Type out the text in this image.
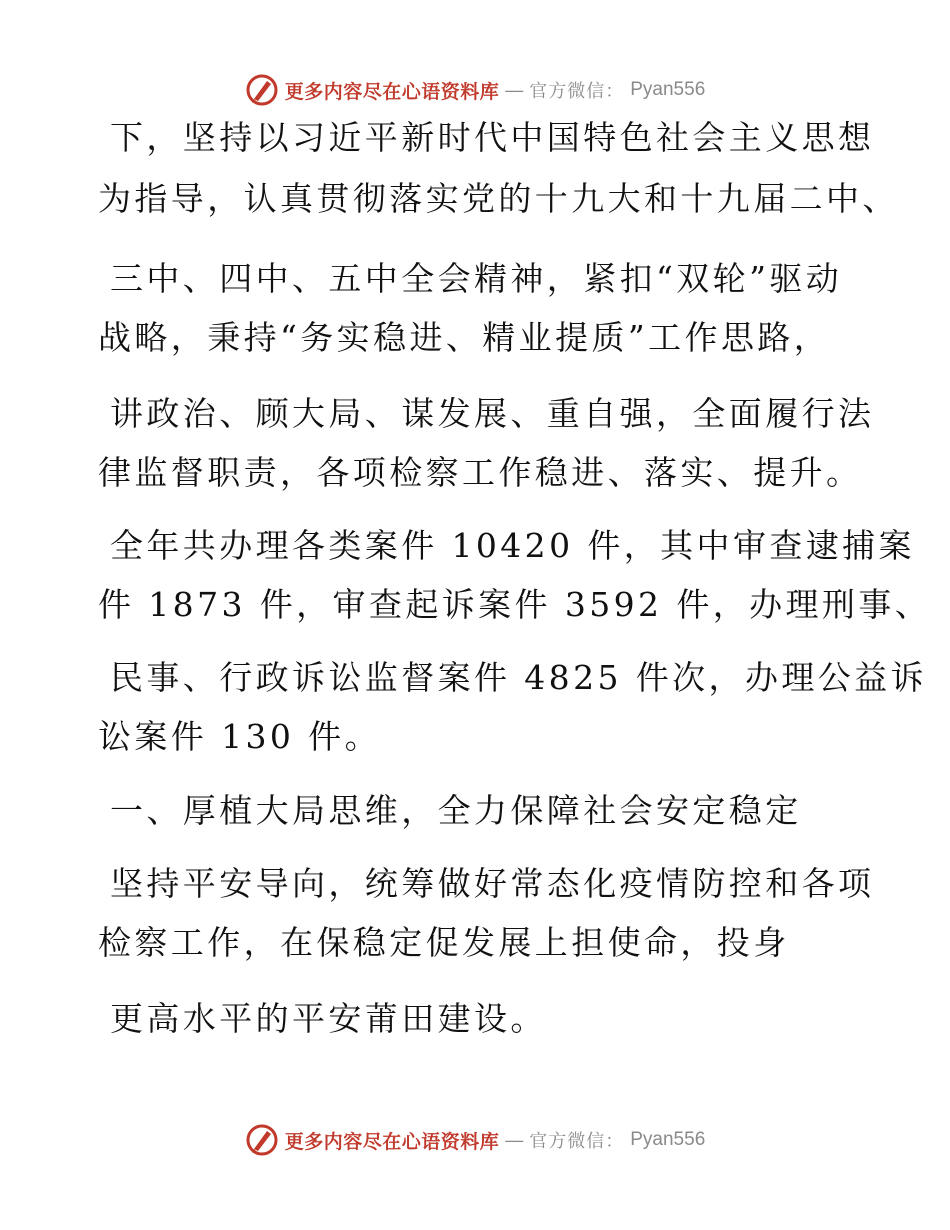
更多内容尽在心语资料库 — 官方微信： Pyan556
下，坚持以习近平新时代中国特色社会主义思想
为指导，认真贯彻落实党的十九大和十九届二中、
三中、四中、五中全会精神，紧扣“双轮”驱动
战略，秉持“务实稳进、精业提质”工作思路，
讲政治、顾大局、谋发展、重自强，全面履行法
律监督职责，各项检察工作稳进、落实、提升。
全年共办理各类案件 10420 件，其中审查逮捕案
件 1873 件，审查起诉案件 3592 件，办理刑事、
民事、行政诉讼监督案件 4825 件次，办理公益诉
讼案件 130 件。
一、厚植大局思维，全力保障社会安定稳定
坚持平安导向，统筹做好常态化疫情防控和各项
检察工作，在保稳定促发展上担使命，投身
更高水平的平安莆田建设。
更多内容尽在心语资料库 — 官方微信： Pyan556
